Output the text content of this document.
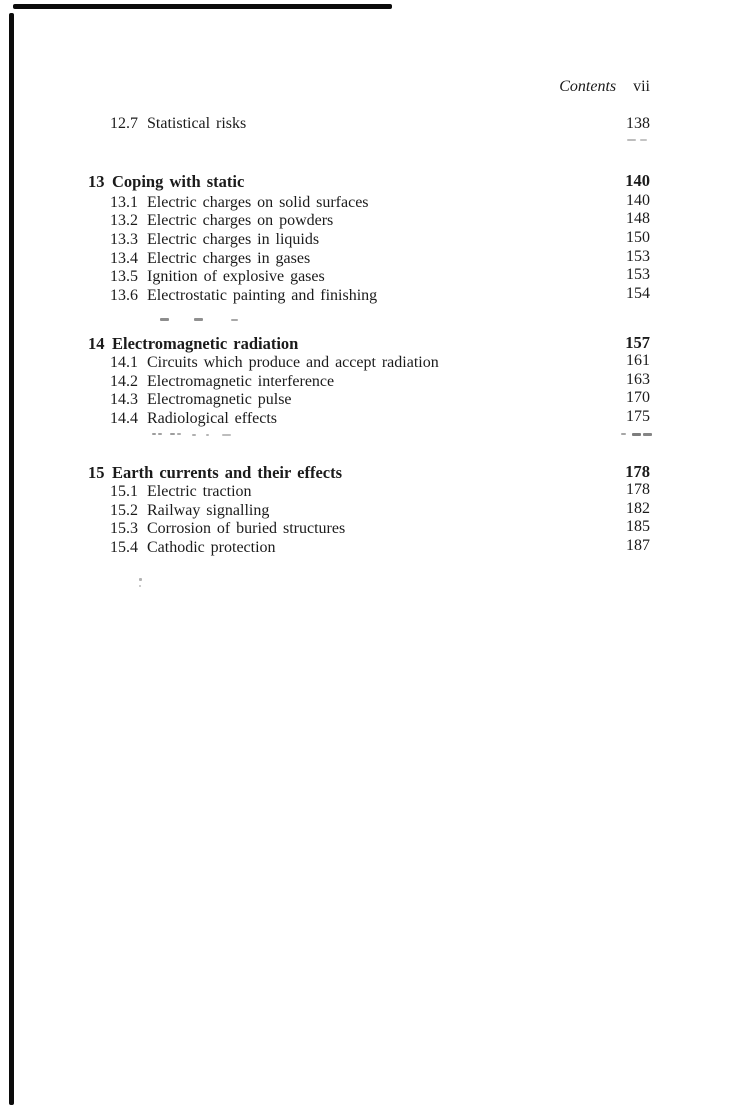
Contents vii
12.7 Statistical risks	138
13 Coping with static	140
13.1 Electric charges on solid surfaces	140
13.2 Electric charges on powders	148
13.3 Electric charges in liquids	150
13.4 Electric charges in gases	153
13.5 Ignition of explosive gases	153
13.6 Electrostatic painting and finishing	154
14 Electromagnetic radiation	157
14.1 Circuits which produce and accept radiation	161
14.2 Electromagnetic interference	163
14.3 Electromagnetic pulse	170
14.4 Radiological effects	175
15 Earth currents and their effects	178
15.1 Electric traction	178
15.2 Railway signalling	182
15.3 Corrosion of buried structures	185
15.4 Cathodic protection	187
